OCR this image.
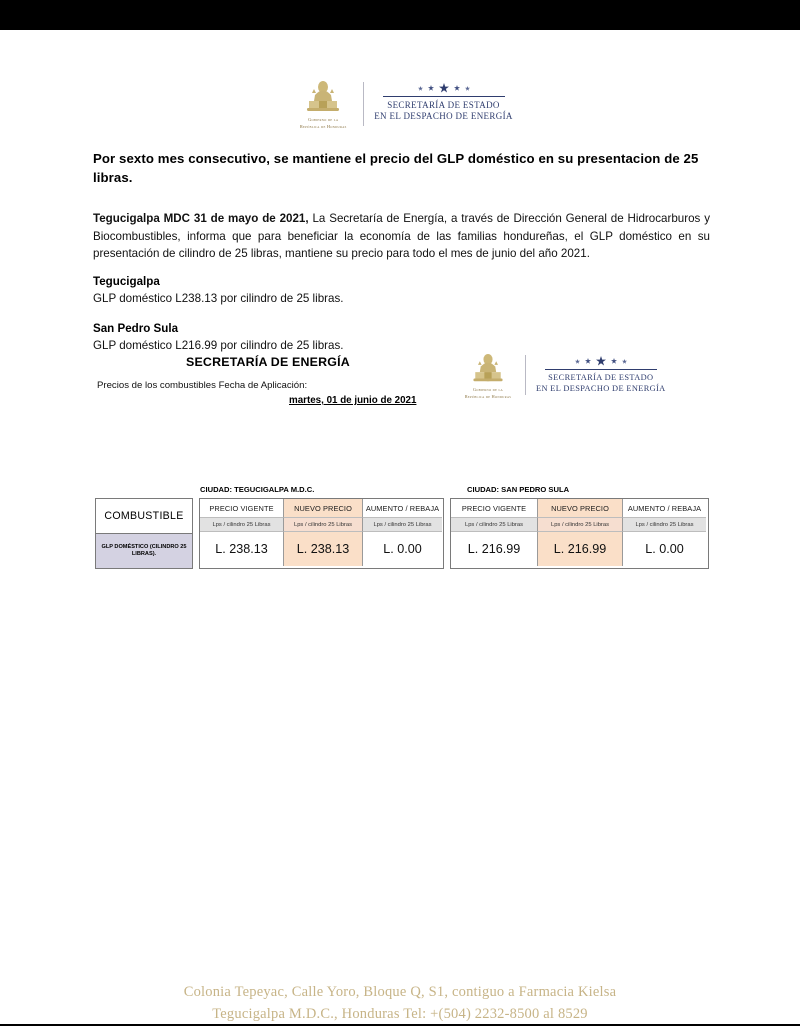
Gobierno de la
República de Honduras
SECRETARÍA DE ESTADO
EN EL DESPACHO DE ENERGÍA
Por sexto mes consecutivo, se mantiene el precio del GLP doméstico en su presentacion de 25 libras.
Tegucigalpa MDC 31 de mayo de 2021, La Secretaría de Energía, a través de Dirección General de Hidrocarburos y Biocombustibles, informa que para beneficiar la economía de las familias hondureñas, el GLP doméstico en su presentación de cilindro de 25 libras, mantiene su precio para todo el mes de junio del año 2021.
Tegucigalpa
GLP doméstico L238.13 por cilindro de 25 libras.
San Pedro Sula
GLP doméstico L216.99 por cilindro de 25 libras.
SECRETARÍA DE ENERGÍA
Precios de los combustibles Fecha de Aplicación:
martes, 01 de junio de 2021
Gobierno de la
República de Honduras
SECRETARÍA DE ESTADO
EN EL DESPACHO DE ENERGÍA
CIUDAD: TEGUCIGALPA M.D.C.	CIUDAD: SAN PEDRO SULA
COMBUSTIBLE
GLP DOMÉSTICO (CILINDRO 25 LIBRAS).
PRECIO VIGENTE	NUEVO PRECIO	AUMENTO / REBAJA
Lps / cilindro 25 Libras	Lps / cilindro 25 Libras	Lps / cilindro 25 Libras
L. 238.13	L. 238.13	L. 0.00
PRECIO VIGENTE	NUEVO PRECIO	AUMENTO / REBAJA
Lps / cilindro 25 Libras	Lps / cilindro 25 Libras	Lps / cilindro 25 Libras
L. 216.99	L. 216.99	L. 0.00
Colonia Tepeyac, Calle Yoro, Bloque Q, S1, contiguo a Farmacia Kielsa
Tegucigalpa M.D.C., Honduras Tel: +(504) 2232-8500 al 8529
